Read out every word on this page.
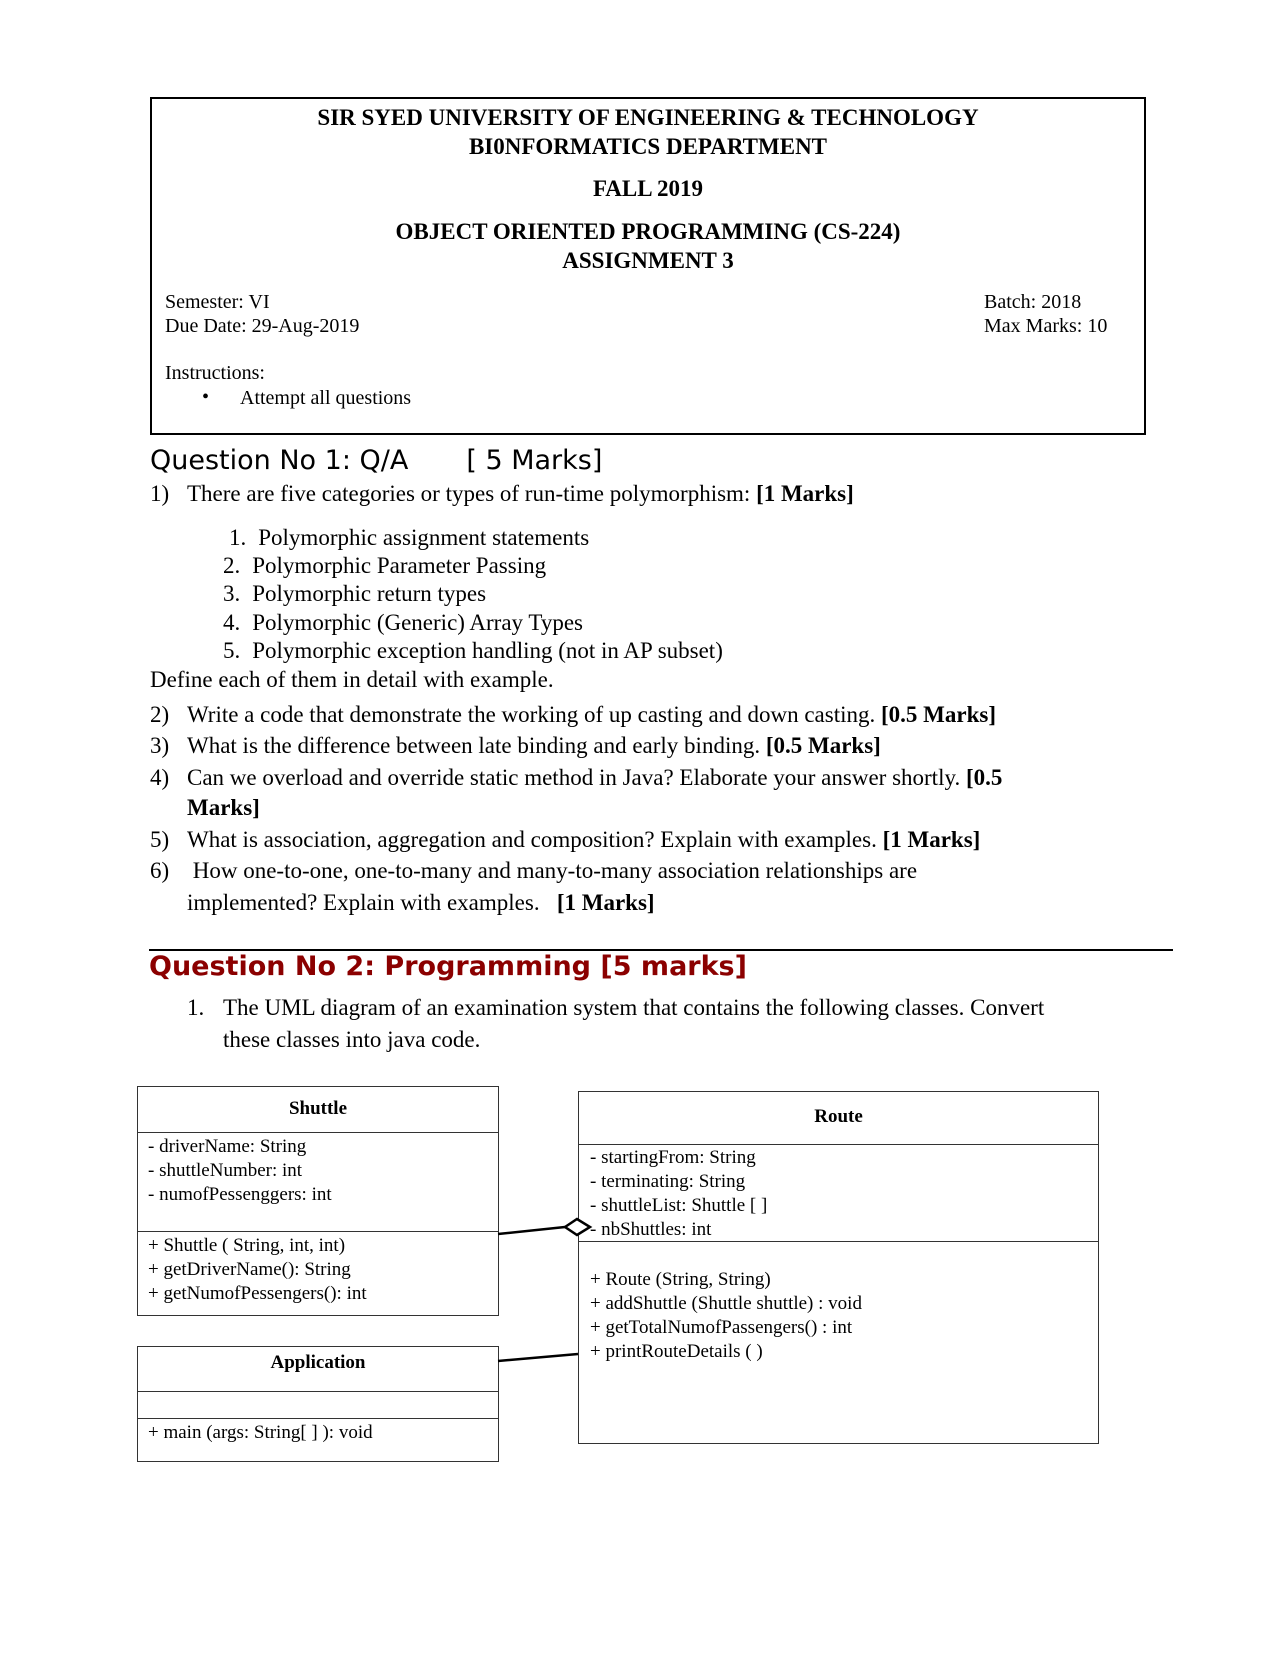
SIR SYED UNIVERSITY OF ENGINEERING & TECHNOLOGY
BI0NFORMATICS DEPARTMENT
FALL 2019
OBJECT ORIENTED PROGRAMMING (CS-224)
ASSIGNMENT 3
Semester: VI
Due Date: 29-Aug-2019
Batch: 2018
Max Marks: 10
Instructions:
• Attempt all questions
Question No 1: Q/A [ 5 Marks]
1) There are five categories or types of run-time polymorphism: [1 Marks]
1. Polymorphic assignment statements
2. Polymorphic Parameter Passing
3. Polymorphic return types
4. Polymorphic (Generic) Array Types
5. Polymorphic exception handling (not in AP subset)
Define each of them in detail with example.
2) Write a code that demonstrate the working of up casting and down casting. [0.5 Marks]
3) What is the difference between late binding and early binding. [0.5 Marks]
4) Can we overload and override static method in Java? Elaborate your answer shortly. [0.5
Marks]
5) What is association, aggregation and composition? Explain with examples. [1 Marks]
6) How one-to-one, one-to-many and many-to-many association relationships are
implemented? Explain with examples.   [1 Marks]
Question No 2: Programming [5 marks]
1. The UML diagram of an examination system that contains the following classes. Convert
these classes into java code.
Shuttle
- driverName: String
- shuttleNumber: int
- numofPessenggers: int
+ Shuttle ( String, int, int)
+ getDriverName(): String
+ getNumofPessengers(): int
Application
+ main (args: String[ ] ): void
Route
- startingFrom: String
- terminating: String
- shuttleList: Shuttle [ ]
- nbShuttles: int
+ Route (String, String)
+ addShuttle (Shuttle shuttle) : void
+ getTotalNumofPassengers() : int
+ printRouteDetails ( )
